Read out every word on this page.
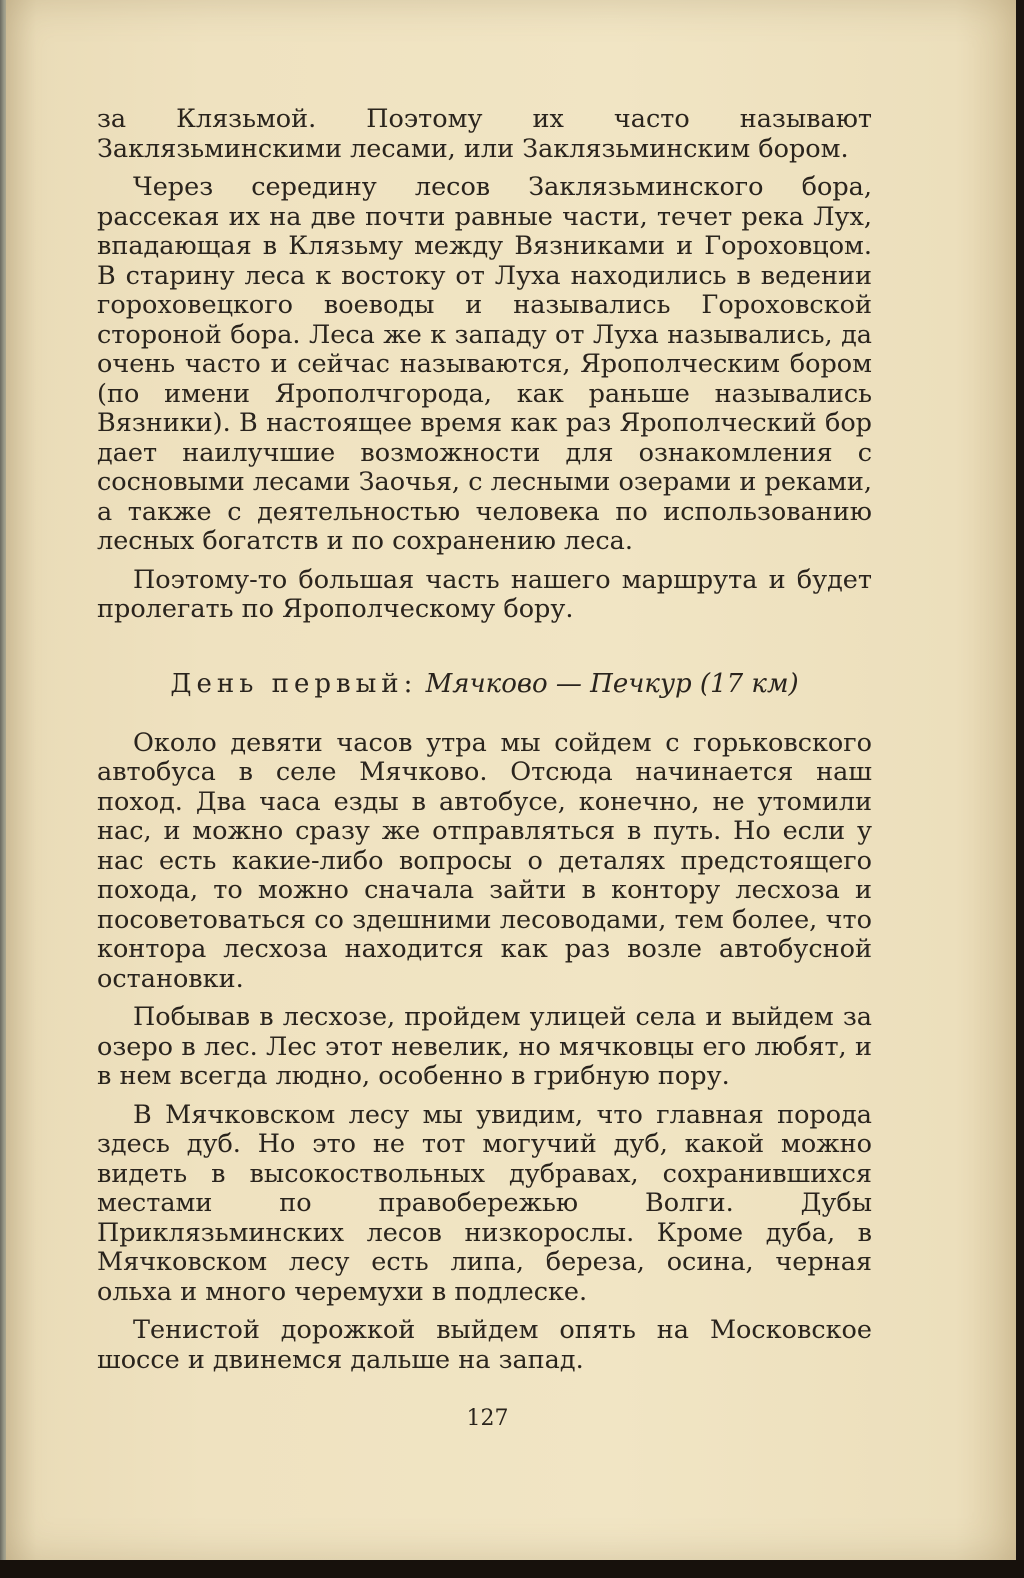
за Клязьмой. Поэтому их часто называют Заклязьминскими лесами, или Заклязьминским бором.

Через середину лесов Заклязьминского бора, рассекая их на две почти равные части, течет река Лух, впадающая в Клязьму между Вязниками и Гороховцом. В старину леса к востоку от Луха находились в ведении гороховецкого воеводы и назывались Гороховской стороной бора. Леса же к западу от Луха назывались, да очень часто и сейчас называются, Ярополческим бором (по имени Ярополчгорода, как раньше назывались Вязники). В настоящее время как раз Ярополческий бор дает наилучшие возможности для ознакомления с сосновыми лесами Заочья, с лесными озерами и реками, а также с деятельностью человека по использованию лесных богатств и по сохранению леса.

Поэтому-то большая часть нашего маршрута и будет пролегать по Ярополческому бору.

День первый: Мячково — Печкур (17 км)

Около девяти часов утра мы сойдем с горьковского автобуса в селе Мячково. Отсюда начинается наш поход. Два часа езды в автобусе, конечно, не утомили нас, и можно сразу же отправляться в путь. Но если у нас есть какие-либо вопросы о деталях предстоящего похода, то можно сначала зайти в контору лесхоза и посоветоваться со здешними лесоводами, тем более, что контора лесхоза находится как раз возле автобусной остановки.

Побывав в лесхозе, пройдем улицей села и выйдем за озеро в лес. Лес этот невелик, но мячковцы его любят, и в нем всегда людно, особенно в грибную пору.

В Мячковском лесу мы увидим, что главная порода здесь дуб. Но это не тот могучий дуб, какой можно видеть в высокоствольных дубравах, сохранившихся местами по правобережью Волги. Дубы Приклязьминских лесов низкорослы. Кроме дуба, в Мячковском лесу есть липа, береза, осина, черная ольха и много черемухи в подлеске.

Тенистой дорожкой выйдем опять на Московское шоссе и двинемся дальше на запад.

127
